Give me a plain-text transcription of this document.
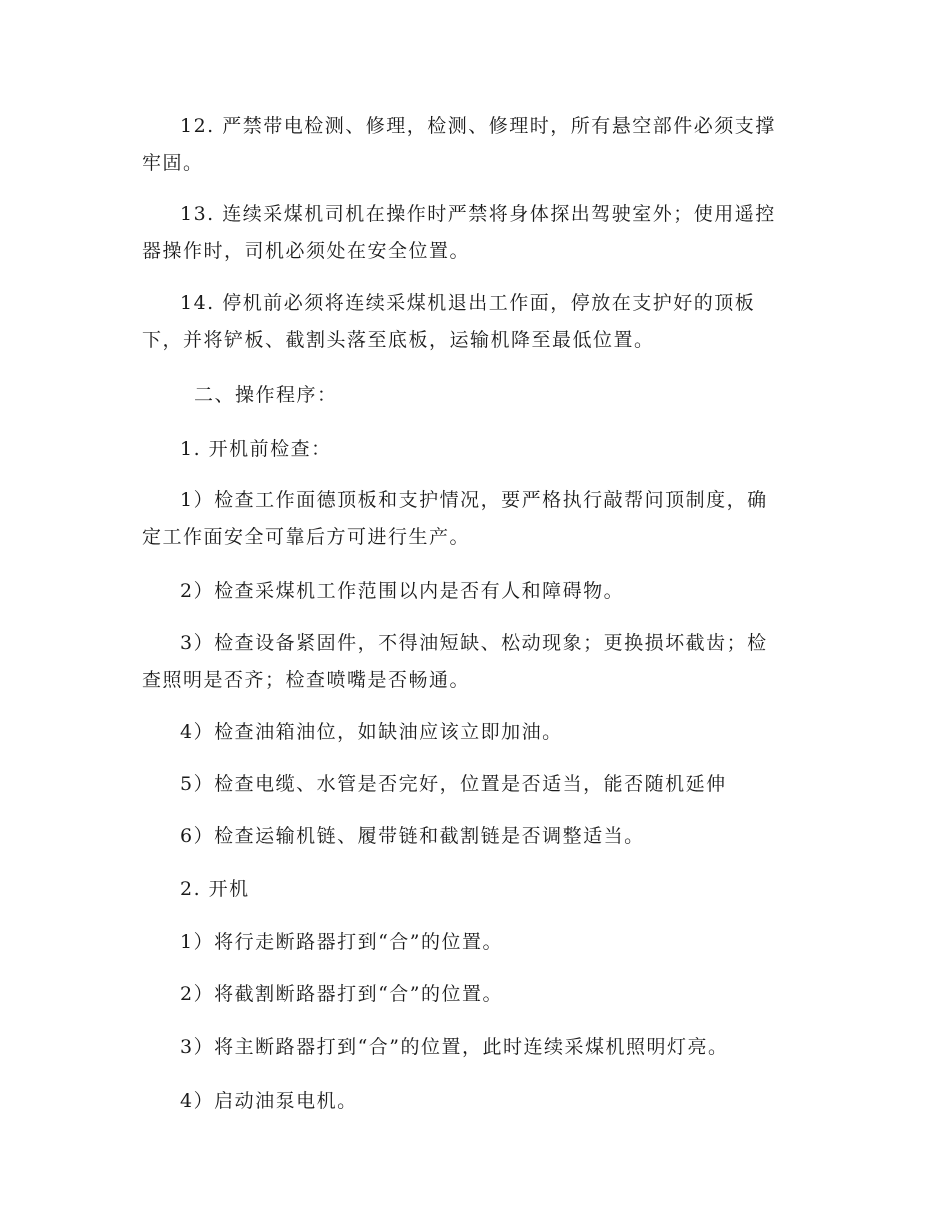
12. 严禁带电检测、修理，检测、修理时，所有悬空部件必须支撑
牢固。

13. 连续采煤机司机在操作时严禁将身体探出驾驶室外；使用遥控
器操作时，司机必须处在安全位置。

14. 停机前必须将连续采煤机退出工作面，停放在支护好的顶板
下，并将铲板、截割头落至底板，运输机降至最低位置。

二、操作程序：

1. 开机前检查：

1）检查工作面德顶板和支护情况，要严格执行敲帮问顶制度，确
定工作面安全可靠后方可进行生产。

2）检查采煤机工作范围以内是否有人和障碍物。

3）检查设备紧固件，不得油短缺、松动现象；更换损坏截齿；检
查照明是否齐；检查喷嘴是否畅通。

4）检查油箱油位，如缺油应该立即加油。

5）检查电缆、水管是否完好，位置是否适当，能否随机延伸

6）检查运输机链、履带链和截割链是否调整适当。

2. 开机

1）将行走断路器打到“合”的位置。

2）将截割断路器打到“合”的位置。

3）将主断路器打到“合”的位置，此时连续采煤机照明灯亮。

4）启动油泵电机。
